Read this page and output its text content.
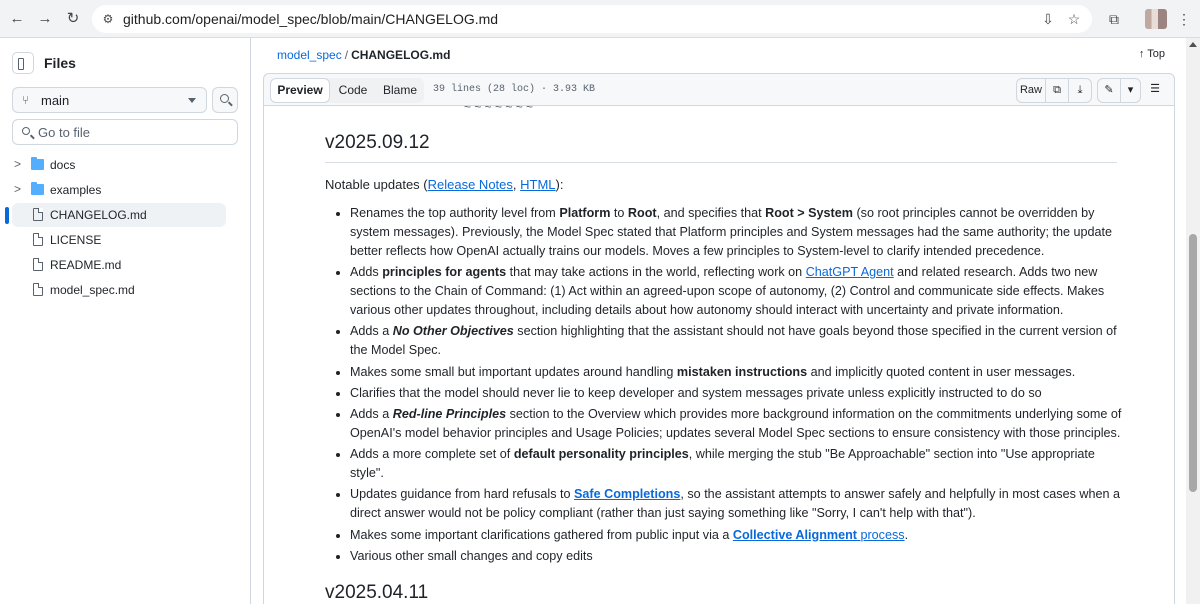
← → ↻	⚙ github.com/openai/model_spec/blob/main/CHANGELOG.md	⇩ ☆	⧉	⋮
Files
⑂ main
Go to file
> docs
> examples
CHANGELOG.md
LICENSE
README.md
model_spec.md
model_spec / CHANGELOG.md	↑ Top
Preview	Code	Blame	39 lines (28 loc) · 3.93 KB	Raw	⧉	⤓	✎	▾	☰
~ ~ ~ ~ ~ ~ ~
v2025.09.12

Notable updates (Release Notes, HTML):

• Renames the top authority level from Platform to Root, and specifies that Root > System (so root principles cannot be overridden by system messages). Previously, the Model Spec stated that Platform principles and System messages had the same authority; the update better reflects how OpenAI actually trains our models. Moves a few principles to System-level to clarify intended precedence.
• Adds principles for agents that may take actions in the world, reflecting work on ChatGPT Agent and related research. Adds two new sections to the Chain of Command: (1) Act within an agreed-upon scope of autonomy, (2) Control and communicate side effects. Makes various other updates throughout, including details about how autonomy should interact with uncertainty and private information.
• Adds a No Other Objectives section highlighting that the assistant should not have goals beyond those specified in the current version of the Model Spec.
• Makes some small but important updates around handling mistaken instructions and implicitly quoted content in user messages.
• Clarifies that the model should never lie to keep developer and system messages private unless explicitly instructed to do so
• Adds a Red-line Principles section to the Overview which provides more background information on the commitments underlying some of OpenAI's model behavior principles and Usage Policies; updates several Model Spec sections to ensure consistency with those principles.
• Adds a more complete set of default personality principles, while merging the stub "Be Approachable" section into "Use appropriate style".
• Updates guidance from hard refusals to Safe Completions, so the assistant attempts to answer safely and helpfully in most cases when a direct answer would not be policy compliant (rather than just saying something like "Sorry, I can't help with that").
• Makes some important clarifications gathered from public input via a Collective Alignment process.
• Various other small changes and copy edits
v2025.04.11
